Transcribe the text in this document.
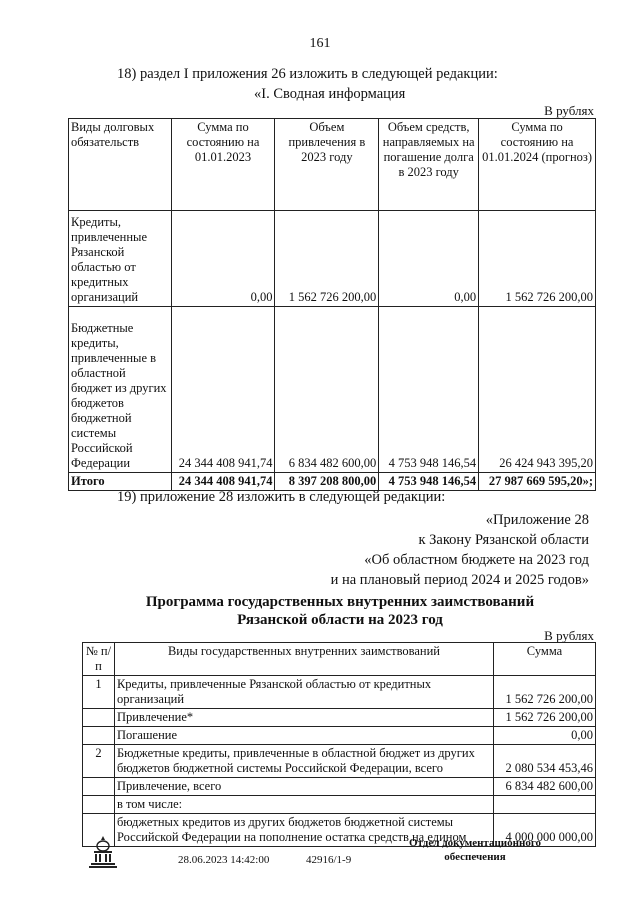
161
18) раздел I приложения 26 изложить в следующей редакции:
«I. Сводная информация
В рублях
Виды долговых обязательств	Сумма по состоянию на 01.01.2023	Объем привлечения в 2023 году	Объем средств, направляемых на погашение долга в 2023 году	Сумма по состоянию на 01.01.2024 (прогноз)
Кредиты, привлеченные Рязанской областью от кредитных организаций	0,00	1 562 726 200,00	0,00	1 562 726 200,00
Бюджетные кредиты, привлеченные в областной бюджет из других бюджетов бюджетной системы Российской Федерации	24 344 408 941,74	6 834 482 600,00	4 753 948 146,54	26 424 943 395,20
Итого	24 344 408 941,74	8 397 208 800,00	4 753 948 146,54	27 987 669 595,20»;
19) приложение 28 изложить в следующей редакции:
«Приложение 28
к Закону Рязанской области
«Об областном бюджете на 2023 год
и на плановый период 2024 и 2025 годов»
Программа государственных внутренних заимствований
Рязанской области на 2023 год
В рублях
№ п/п	Виды государственных внутренних заимствований	Сумма
1	Кредиты, привлеченные Рязанской областью от кредитных организаций	1 562 726 200,00
	Привлечение*	1 562 726 200,00
	Погашение	0,00
2	Бюджетные кредиты, привлеченные в областной бюджет из других бюджетов бюджетной системы Российской Федерации, всего	2 080 534 453,46
	Привлечение, всего	6 834 482 600,00
	в том числе:	
	бюджетных кредитов из других бюджетов бюджетной системы Российской Федерации на пополнение остатка средств на едином	4 000 000 000,00
28.06.2023 14:42:00	42916/1-9
Отдел документационного
обеспечения
